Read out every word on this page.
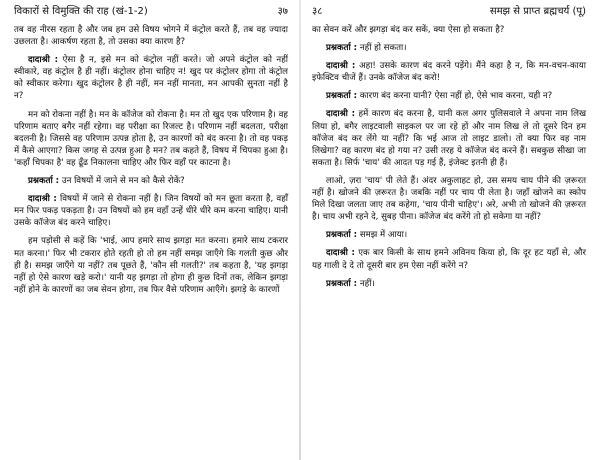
विकारों से विमुक्ति की राह (खं-1-2)	३७

तब वह नीरस रहता है और जब हम उसे विषय भोगने में कंट्रोल करते हैं, तब वह ज्यादा उछलता है। आकर्षण रहता है, तो उसका क्या कारण है?

दादाश्री : ऐसा है न, इसे मन को कंट्रोल नहीं करते। जो अपने कंट्रोल को नहीं स्वीकारे, वह कंट्रोल है ही नहीं। कंट्रोलर होना चाहिए न! खुद पर कंट्रोलर होगा तो कंट्रोल को स्वीकार करेगा। खुद कंट्रोलर है ही नहीं, मन नहीं मानता, मन आपकी सुनता नहीं है न?

मन को रोकना नहीं है। मन के कॉजेज को रोकना है। मन तो खुद एक परिणाम है। वह परिणाम बताए बगैर नहीं रहेगा। वह परीक्षा का रिजल्ट है। परिणाम नहीं बदलता, परीक्षा बदलनी है। जिससे वह परिणाम उत्पन्न होता है, उन कारणों को बंद करना है। तो वह पकड़ में कैसे आएगा? किस जगह से उत्पन्न हुआ है मन? तब कहते हैं, विषय में चिपका हुआ है। 'कहाँ चिपका है' वह ढूँढ निकालना चाहिए और फिर वहाँ पर काटना है।

प्रश्नकर्ता : उन विषयों में जाने से मन को कैसे रोकें?

दादाश्री : विषयों में जाने से रोकना नहीं है। जिन विषयों को मन छूता करता है, वहाँ मन फिर पकड़ पकड़ता है। उन विषयों को हम वहाँ उन्हें धीरे धीरे कम करना चाहिए। यानी उसके कॉजेज बंद करने चाहिए।

हम पड़ोसी से कहें कि 'भाई, आप हमारे साथ झगड़ा मत करना। हमारे साथ टकरार मत करना।' फिर भी टकरार होते रहती हो तो हम नहीं समझ जाएँगे कि गलती कुछ और ही है। समझ जाएँगे या नहीं? तब पूछते हैं, 'कौन सी गलती?' तब कहता है, 'यह झगड़ा नहीं हो ऐसे कारण खड़े करो।' यानी यह झगड़ा तो होगा ही कुछ दिनों तक, लेकिन झगड़ा नहीं होने के कारणों का जब सेवन होगा, तब फिर वैसे परिणाम आएँगे। झगड़े के कारणों

३८	समझ से प्राप्त ब्रह्मचर्य (पू)

का सेवन करें और झगड़ा बंद कर सकें, क्या ऐसा हो सकता है?

प्रश्नकर्ता : नहीं हो सकता।

दादाश्री : अहा! उसके कारण बंद करने पड़ेंगे। मैंने कहा है न, कि मन-वचन-काया इफेक्टिव चीजें हैं। उनके कॉजेज बंद करो!

प्रश्नकर्ता : कारण बंद करना यानी? ऐसा नहीं हो, ऐसे भाव करना, यही न?

दादाश्री : हमें कारण बंद करना है, यानी कल अगर पुलिसवाले ने अपना नाम लिख लिया हो, बगैर लाइटवाली साइकल पर जा रहे हों और नाम लिख ले तो दूसरे दिन हम कॉजेज बंद कर लेंगे या नहीं? कि भई आज तो लाइट डालो। तो क्या फिर वह नाम लिखेगा? वह कारण बंद हो गया न? उसी तरह ये कॉजेज बंद करने हैं। सबकुछ सीखा जा सकता है। सिर्फ 'चाय' की आदत पड़ गई हैं, इंजेक्ट इतनी ही हैं।

लाओ, ज़रा 'चाय' पी लेते हैं। अंदर अकुलाहट हो, उस समय चाय पीने की ज़रूरत नहीं है। खोजने की ज़रूरत है। जबकि नहीं पर चाय पी लेता है। जहाँ खोजने का स्कोप मिले दिखा जलता जाए तब कहेगा, 'चाय पीनी चाहिए'। अरे, अभी तो खोजने की ज़रूरत है। चाय अभी रहने दे, सुबह पीना। कॉजेज बंद करेंगे तो हो सकेगा या नहीं?

प्रश्नकर्ता : समझ में आया।

दादाश्री : एक बार किसी के साथ हमने अविनय किया हो, कि दूर हट यहाँ से, और यह गाली दे दे तो दूसरी बार हम ऐसा नहीं करेंगे न?

प्रश्नकर्ता : नहीं।
